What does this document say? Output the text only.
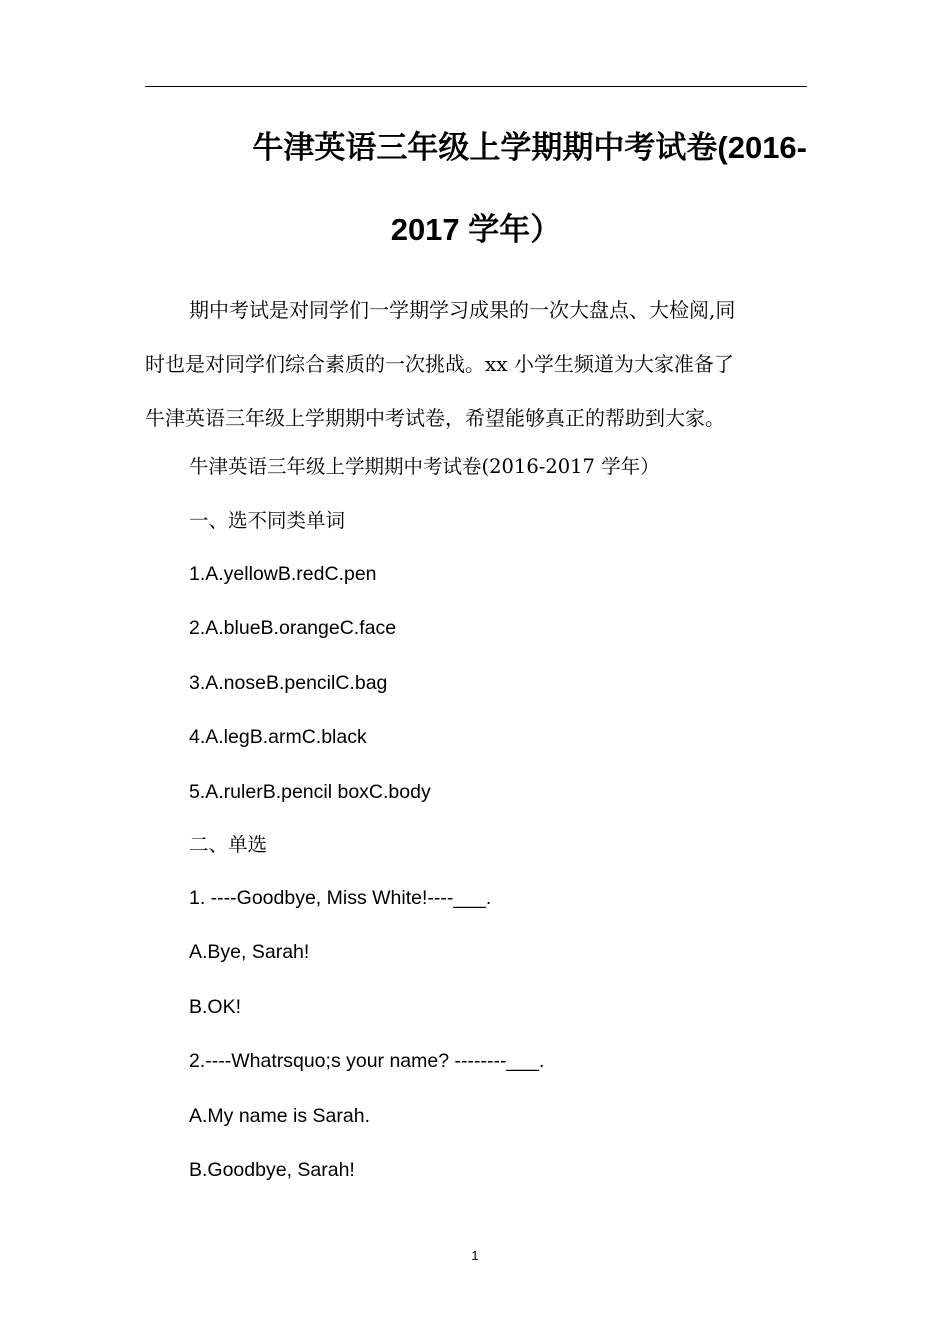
牛津英语三年级上学期期中考试卷(2016-
2017 学年）

期中考试是对同学们一学期学习成果的一次大盘点、大检阅,同
时也是对同学们综合素质的一次挑战。xx 小学生频道为大家准备了
牛津英语三年级上学期期中考试卷，希望能够真正的帮助到大家。

牛津英语三年级上学期期中考试卷(2016-2017 学年）
一、选不同类单词
1.A.yellowB.redC.pen
2.A.blueB.orangeC.face
3.A.noseB.pencilC.bag
4.A.legB.armC.black
5.A.rulerB.pencil boxC.body
二、单选
1. ----Goodbye, Miss White!----___.
A.Bye, Sarah!
B.OK!
2.----Whatrsquo;s your name? --------___.
A.My name is Sarah.
B.Goodbye, Sarah!
1
